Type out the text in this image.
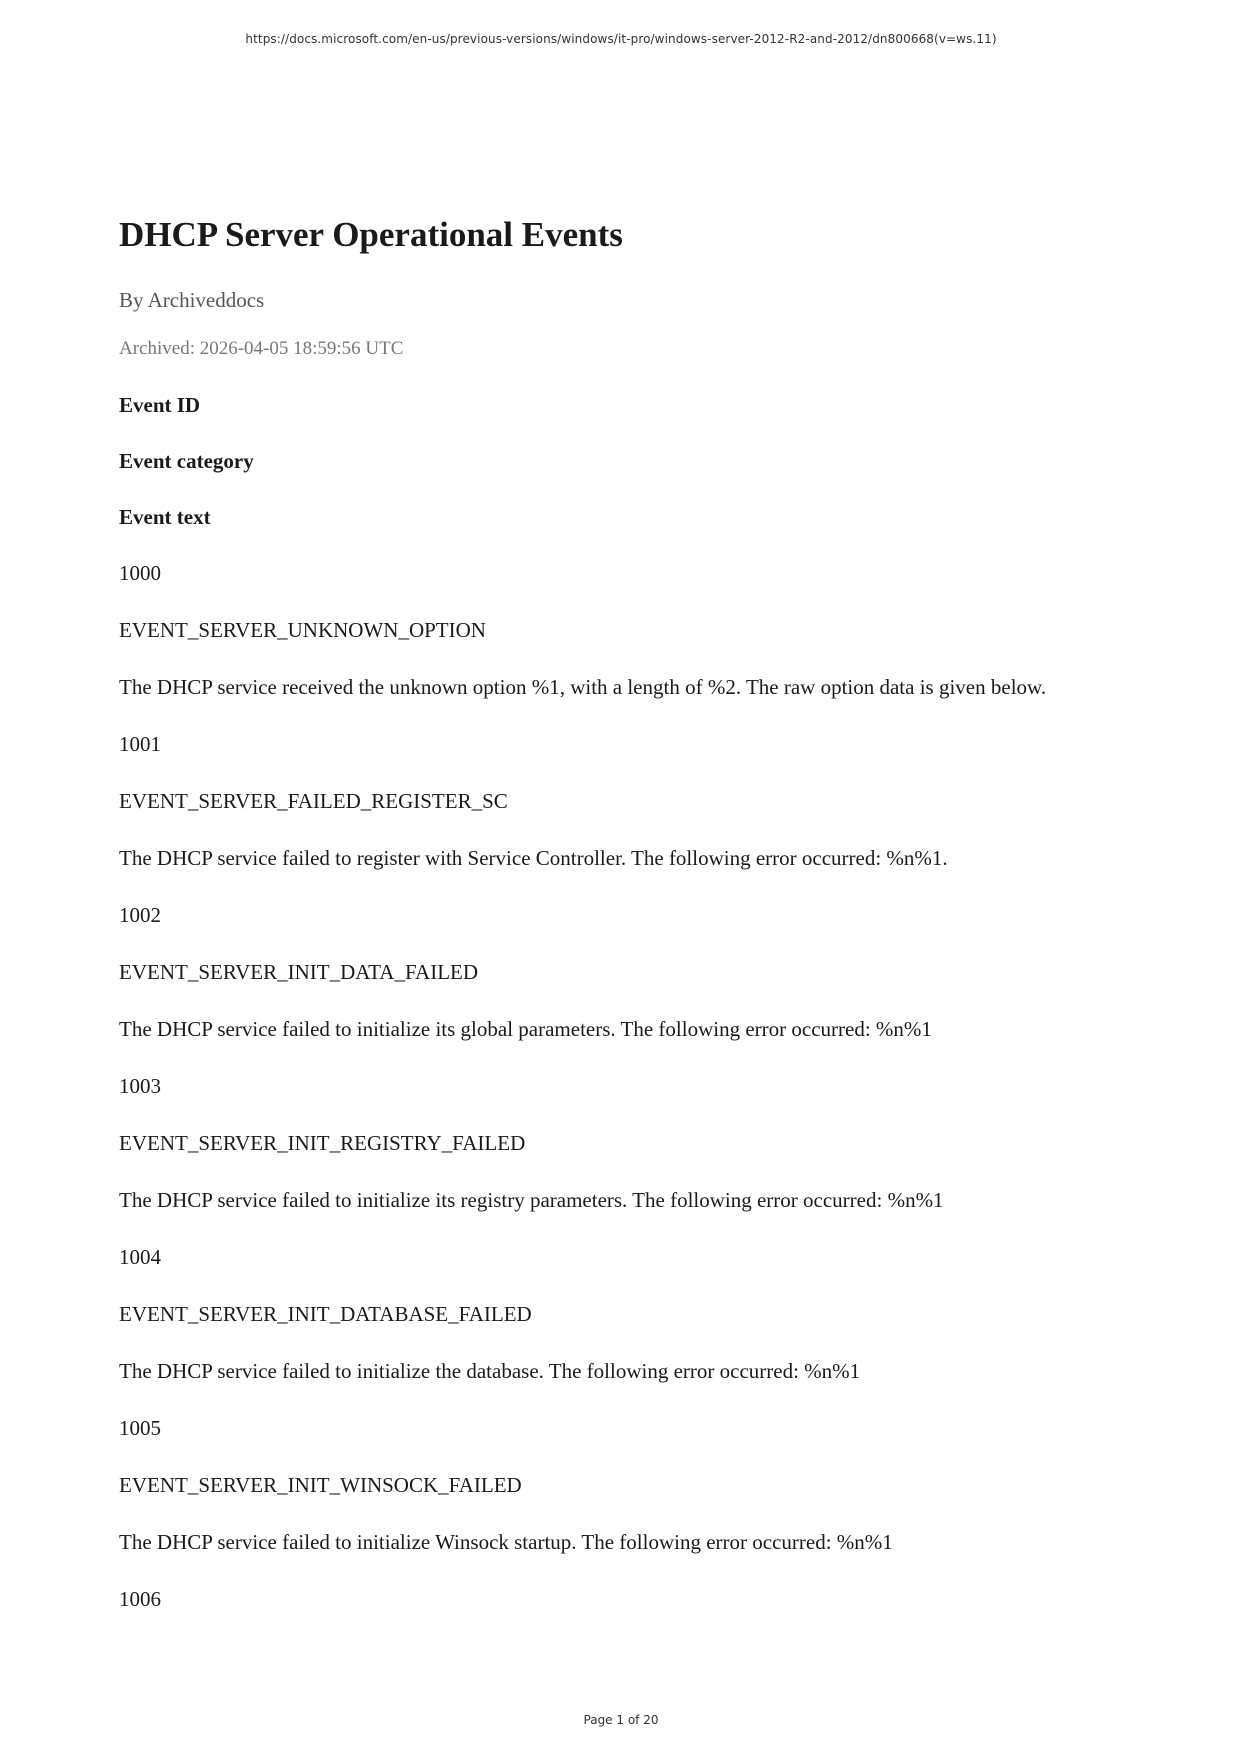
https://docs.microsoft.com/en-us/previous-versions/windows/it-pro/windows-server-2012-R2-and-2012/dn800668(v=ws.11)
DHCP Server Operational Events
By Archiveddocs
Archived: 2026-04-05 18:59:56 UTC
Event ID
Event category
Event text
1000
EVENT_SERVER_UNKNOWN_OPTION
The DHCP service received the unknown option %1, with a length of %2. The raw option data is given below.
1001
EVENT_SERVER_FAILED_REGISTER_SC
The DHCP service failed to register with Service Controller. The following error occurred: %n%1.
1002
EVENT_SERVER_INIT_DATA_FAILED
The DHCP service failed to initialize its global parameters. The following error occurred: %n%1
1003
EVENT_SERVER_INIT_REGISTRY_FAILED
The DHCP service failed to initialize its registry parameters. The following error occurred: %n%1
1004
EVENT_SERVER_INIT_DATABASE_FAILED
The DHCP service failed to initialize the database. The following error occurred: %n%1
1005
EVENT_SERVER_INIT_WINSOCK_FAILED
The DHCP service failed to initialize Winsock startup. The following error occurred: %n%1
1006
Page 1 of 20
